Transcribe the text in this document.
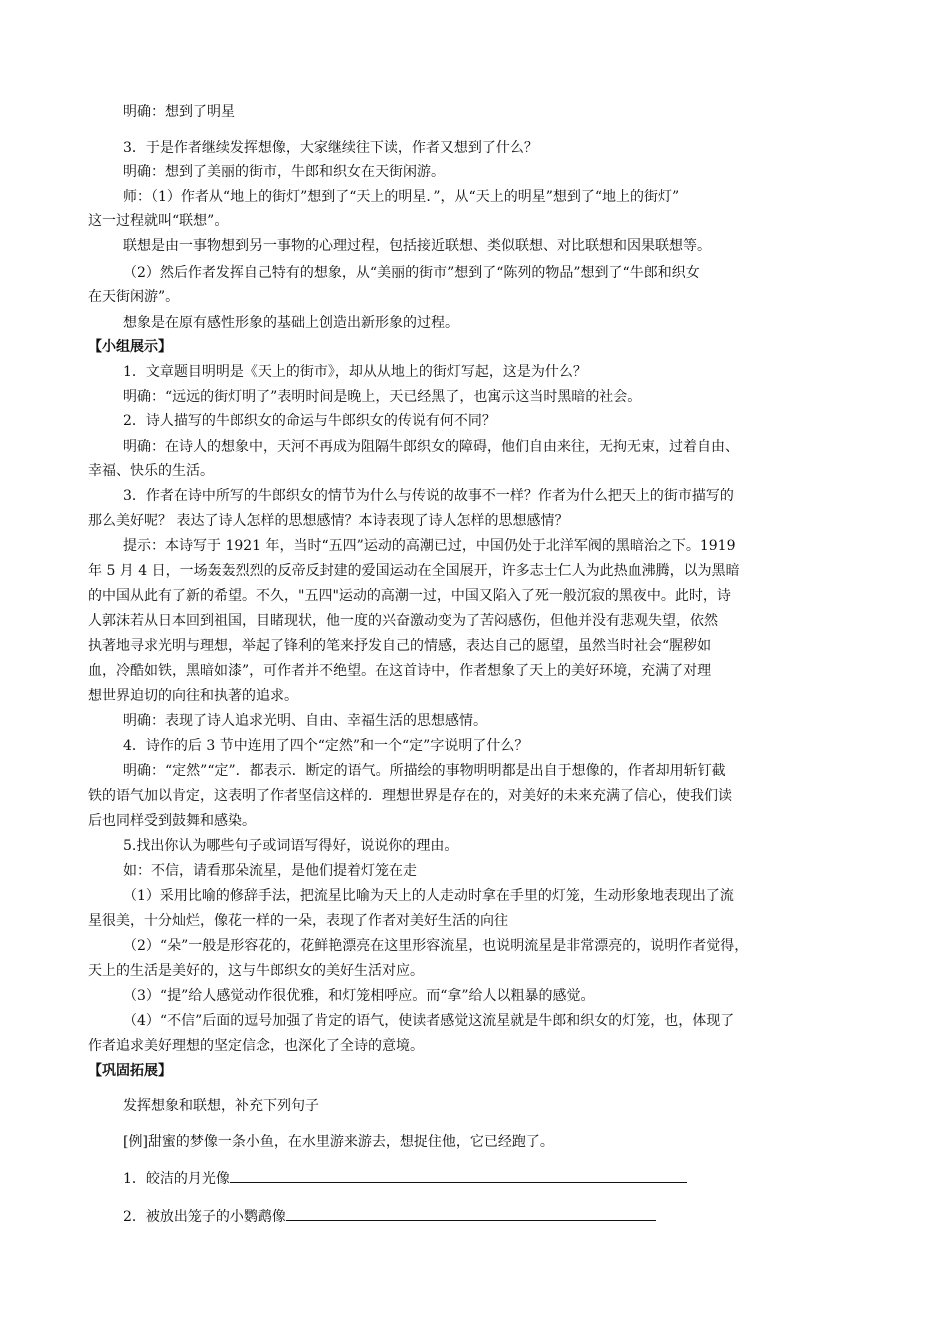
明确：想到了明星
3．于是作者继续发挥想像，大家继续往下读，作者又想到了什么？
明确：想到了美丽的街市，牛郎和织女在天街闲游。
师：（1）作者从“地上的街灯”想到了“天上的明星．”，从“天上的明星”想到了“地上的街灯”
这一过程就叫“联想”。
联想是由一事物想到另一事物的心理过程，包括接近联想、类似联想、对比联想和因果联想等。
（2）然后作者发挥自己特有的想象，从“美丽的街市”想到了“陈列的物品”想到了“牛郎和织女
在天街闲游”。
想象是在原有感性形象的基础上创造出新形象的过程。
【小组展示】
1．文章题目明明是《天上的街市》，却从从地上的街灯写起，这是为什么？
明确：“远远的街灯明了”表明时间是晚上，天已经黑了，也寓示这当时黑暗的社会。
2．诗人描写的牛郎织女的命运与牛郎织女的传说有何不同？
明确：在诗人的想象中，天河不再成为阻隔牛郎织女的障碍，他们自由来往，无拘无束，过着自由、
幸福、快乐的生活。
3．作者在诗中所写的牛郎织女的情节为什么与传说的故事不一样？作者为什么把天上的街市描写的
那么美好呢？ 表达了诗人怎样的思想感情？本诗表现了诗人怎样的思想感情？
提示：本诗写于 1921 年，当时“五四”运动的高潮已过，中国仍处于北洋军阀的黑暗治之下。1919
年 5 月 4 日，一场轰轰烈烈的反帝反封建的爱国运动在全国展开，许多志士仁人为此热血沸腾，以为黑暗
的中国从此有了新的希望。不久，"五四"运动的高潮一过，中国又陷入了死一般沉寂的黑夜中。此时，诗
人郭沫若从日本回到祖国，目睹现状，他一度的兴奋激动变为了苦闷感伤，但他并没有悲观失望，依然
执著地寻求光明与理想，举起了锋利的笔来抒发自己的情感，表达自己的愿望，虽然当时社会“腥秽如
血，冷酷如铁，黑暗如漆”，可作者并不绝望。在这首诗中，作者想象了天上的美好环境，充满了对理
想世界迫切的向往和执著的追求。
明确：表现了诗人追求光明、自由、幸福生活的思想感情。
4．诗作的后 3 节中连用了四个“定然”和一个“定”字说明了什么？
明确：“定然”“定”．都表示．断定的语气。所描绘的事物明明都是出自于想像的，作者却用斩钉截
铁的语气加以肯定，这表明了作者坚信这样的．理想世界是存在的，对美好的未来充满了信心，使我们读
后也同样受到鼓舞和感染。
5.找出你认为哪些句子或词语写得好，说说你的理由。
如：不信，请看那朵流星，是他们提着灯笼在走
（1）采用比喻的修辞手法，把流星比喻为天上的人走动时拿在手里的灯笼，生动形象地表现出了流
星很美，十分灿烂，像花一样的一朵，表现了作者对美好生活的向往
（2）“朵”一般是形容花的，花鲜艳漂亮在这里形容流星，也说明流星是非常漂亮的，说明作者觉得，
天上的生活是美好的，这与牛郎织女的美好生活对应。
（3）“提”给人感觉动作很优雅，和灯笼相呼应。而“拿”给人以粗暴的感觉。
（4）“不信”后面的逗号加强了肯定的语气，使读者感觉这流星就是牛郎和织女的灯笼，也，体现了
作者追求美好理想的坚定信念，也深化了全诗的意境。
【巩固拓展】
发挥想象和联想，补充下列句子
[例]甜蜜的梦像一条小鱼，在水里游来游去，想捉住他，它已经跑了。
1．皎洁的月光像
2．被放出笼子的小鹦鹉像
